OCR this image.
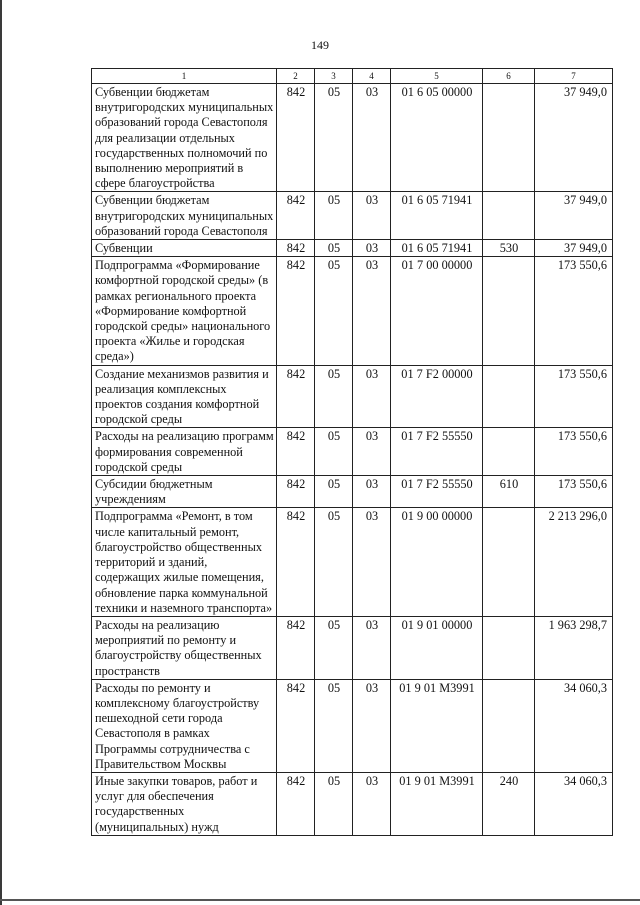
149
1	2	3	4	5	6	7
Субвенции бюджетам внутригородских муниципальных образований города Севастополя для реализации отдельных государственных полномочий по выполнению мероприятий в сфере благоустройства	842	05	03	01 6 05 00000		37 949,0
Субвенции бюджетам внутригородских муниципальных образований города Севастополя	842	05	03	01 6 05 71941		37 949,0
Субвенции	842	05	03	01 6 05 71941	530	37 949,0
Подпрограмма «Формирование комфортной городской среды» (в рамках регионального проекта «Формирование комфортной городской среды» национального проекта «Жилье и городская среда»)	842	05	03	01 7 00 00000		173 550,6
Создание механизмов развития и реализация комплексных проектов создания комфортной городской среды	842	05	03	01 7 F2 00000		173 550,6
Расходы на реализацию программ формирования современной городской среды	842	05	03	01 7 F2 55550		173 550,6
Субсидии бюджетным учреждениям	842	05	03	01 7 F2 55550	610	173 550,6
Подпрограмма «Ремонт, в том числе капитальный ремонт, благоустройство общественных территорий и зданий, содержащих жилые помещения, обновление парка коммунальной техники и наземного транспорта»	842	05	03	01 9 00 00000		2 213 296,0
Расходы на реализацию мероприятий по ремонту и благоустройству общественных пространств	842	05	03	01 9 01 00000		1 963 298,7
Расходы по ремонту и комплексному благоустройству пешеходной сети города Севастополя в рамках Программы сотрудничества с Правительством Москвы	842	05	03	01 9 01 M3991		34 060,3
Иные закупки товаров, работ и услуг для обеспечения государственных (муниципальных) нужд	842	05	03	01 9 01 M3991	240	34 060,3
